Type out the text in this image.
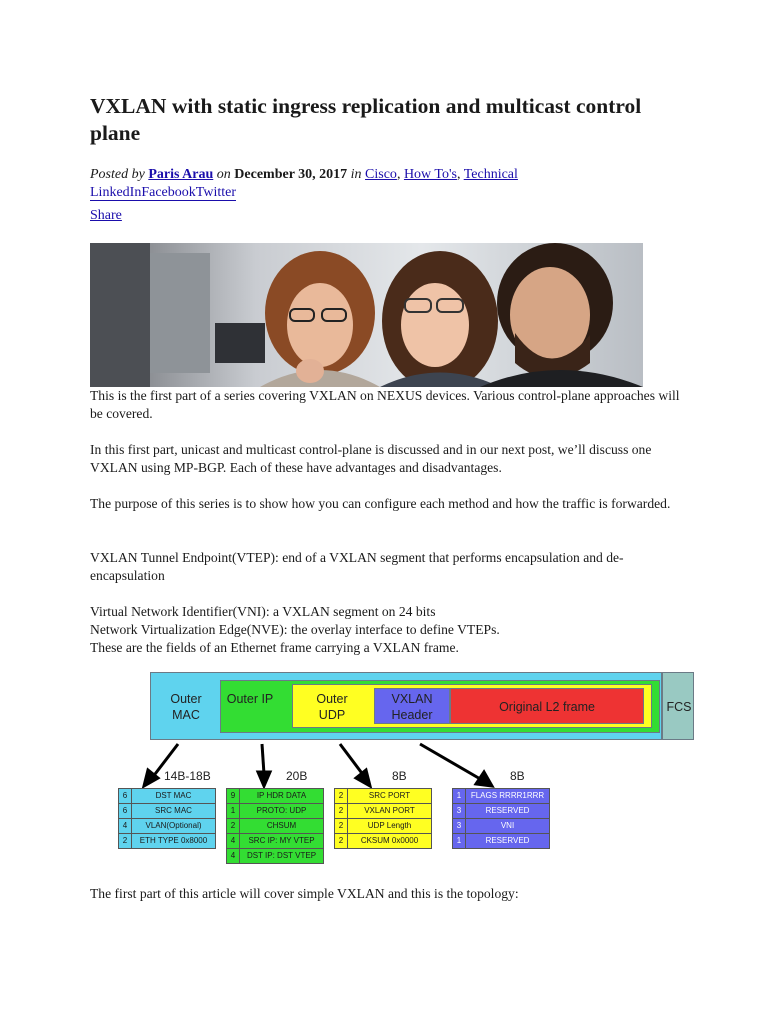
VXLAN with static ingress replication and multicast control plane
Posted by Paris Arau on December 30, 2017 in Cisco, How To's, Technical
LinkedInFacebookTwitter
Share

This is the first part of a series covering VXLAN on NEXUS devices. Various control-plane approaches will be covered.

In this first part, unicast and multicast control-plane is discussed and in our next post, we’ll discuss one VXLAN using MP-BGP. Each of these have advantages and disadvantages.

The purpose of this series is to show how you can configure each method and how the traffic is forwarded.

VXLAN Tunnel Endpoint(VTEP): end of a VXLAN segment that performs encapsulation and de-encapsulation

Virtual Network Identifier(VNI): a VXLAN segment on 24 bits

Network Virtualization Edge(NVE): the overlay interface to define VTEPs.

These are the fields of an Ethernet frame carrying a VXLAN frame.

Outer MAC
Outer IP	Outer UDP
VXLAN Header
Original L2 frame	FCS
14B-18B	20B	8B	8B
6	DST MAC
6	SRC MAC
4	VLAN(Optional)
2	ETH TYPE 0x8000
9	IP HDR DATA
1	PROTO: UDP
2	CHSUM
4	SRC IP: MY VTEP
4	DST IP: DST VTEP
2	SRC PORT
2	VXLAN PORT
2	UDP Length
2	CKSUM 0x0000
1	FLAGS RRRR1RRR
3	RESERVED
3	VNI
1	RESERVED

The first part of this article will cover simple VXLAN and this is the topology:
